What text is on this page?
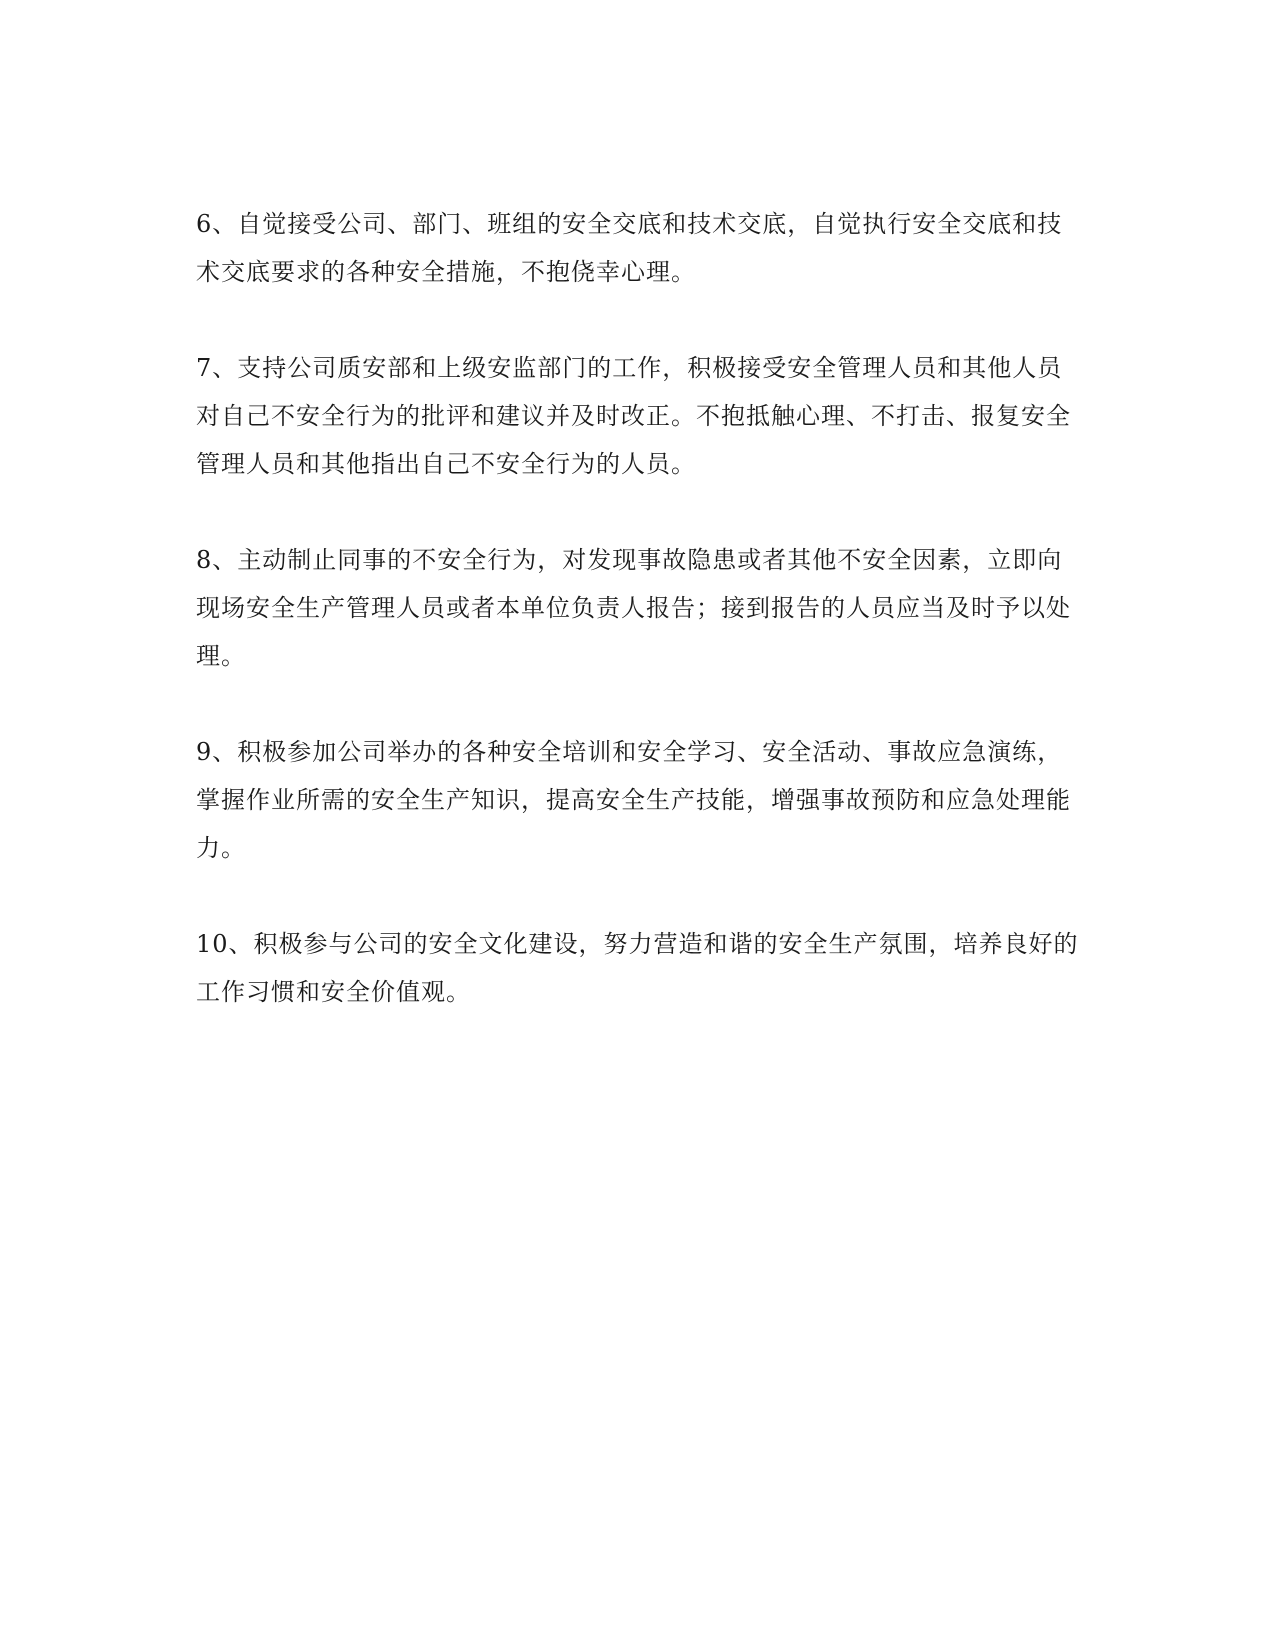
6、自觉接受公司、部门、班组的安全交底和技术交底，自觉执行安全交底和技
术交底要求的各种安全措施，不抱侥幸心理。

7、支持公司质安部和上级安监部门的工作，积极接受安全管理人员和其他人员
对自己不安全行为的批评和建议并及时改正。不抱抵触心理、不打击、报复安全
管理人员和其他指出自己不安全行为的人员。

8、主动制止同事的不安全行为，对发现事故隐患或者其他不安全因素，立即向
现场安全生产管理人员或者本单位负责人报告；接到报告的人员应当及时予以处
理。

9、积极参加公司举办的各种安全培训和安全学习、安全活动、事故应急演练，
掌握作业所需的安全生产知识，提高安全生产技能，增强事故预防和应急处理能
力。

10、积极参与公司的安全文化建设，努力营造和谐的安全生产氛围，培养良好的
工作习惯和安全价值观。
